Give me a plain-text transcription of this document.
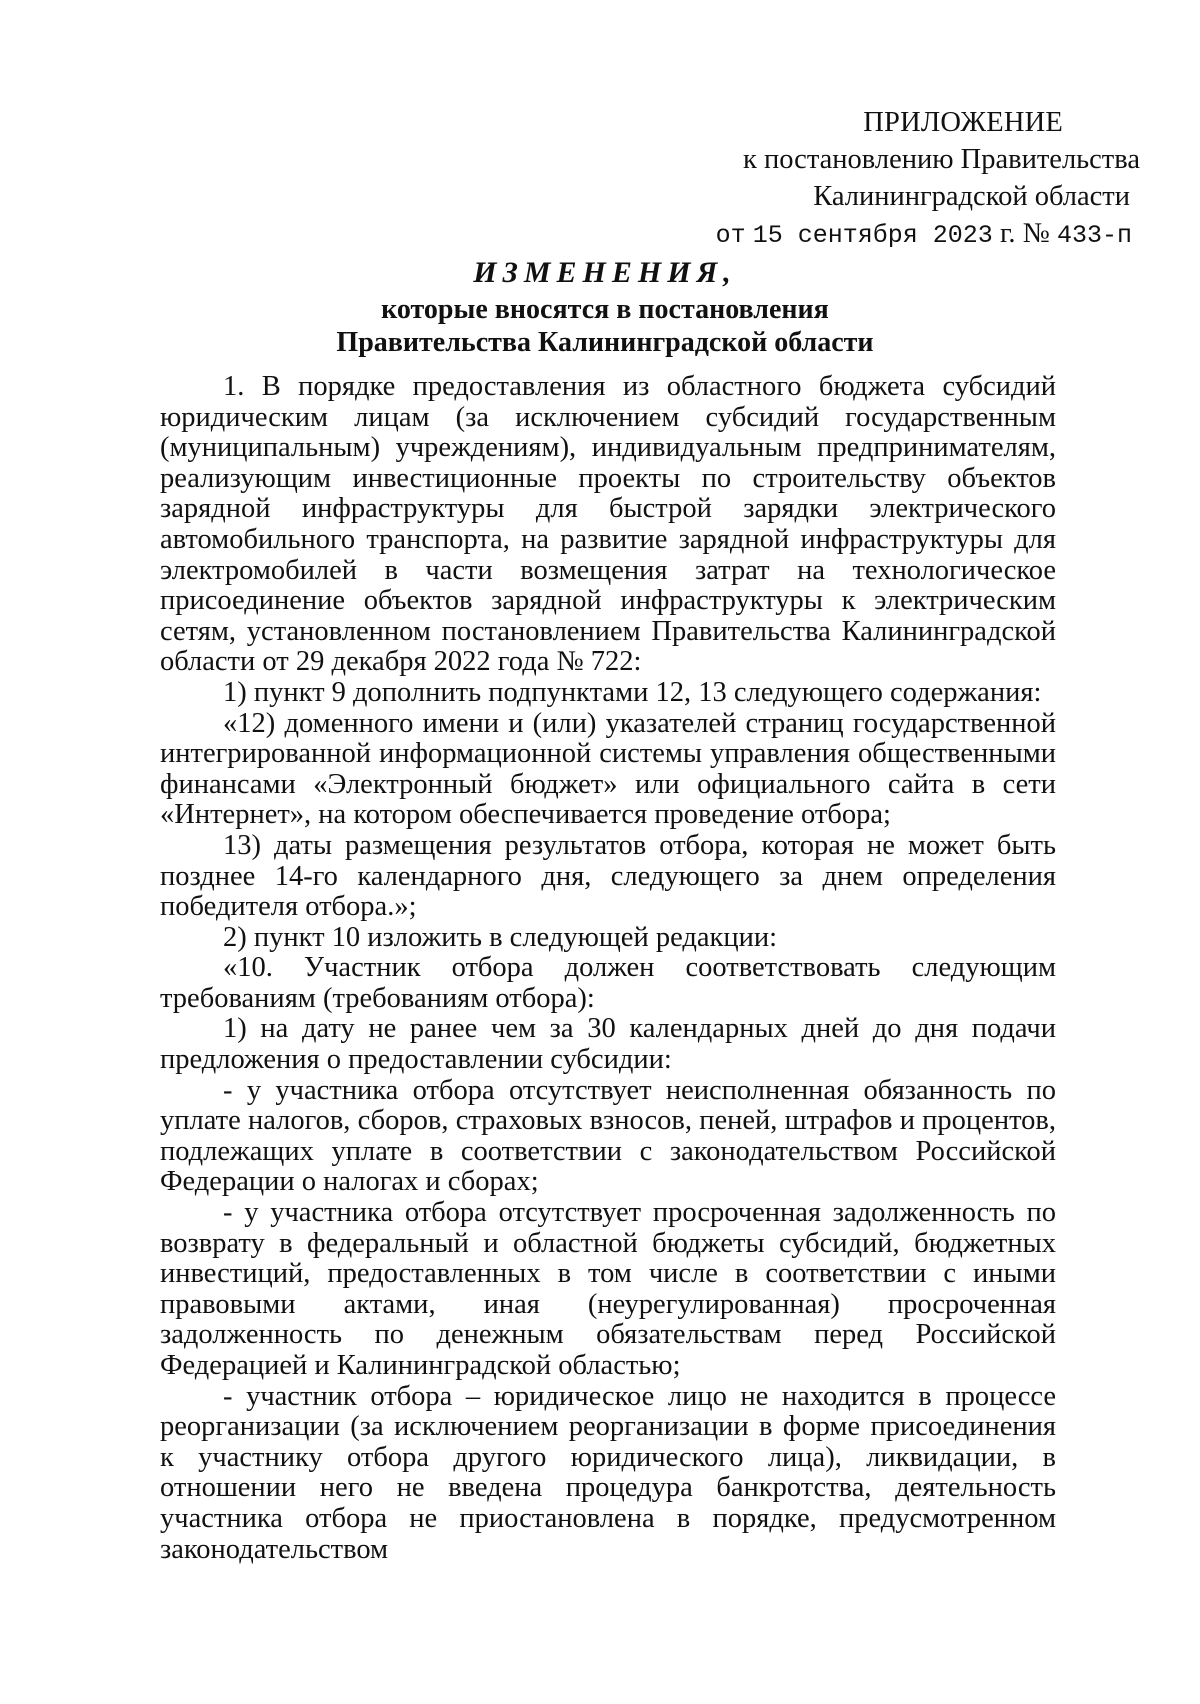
ПРИЛОЖЕНИЕ
к постановлению Правительства
Калининградской области
от 15 сентября 2023 г. № 433-п
ИЗМЕНЕНИЯ,
которые вносятся в постановления
Правительства Калининградской области

1. В порядке предоставления из областного бюджета субсидий юридическим лицам (за исключением субсидий государственным (муниципальным) учреждениям), индивидуальным предпринимателям, реализующим инвестиционные проекты по строительству объектов зарядной инфраструктуры для быстрой зарядки электрического автомобильного транспорта, на развитие зарядной инфраструктуры для электромобилей в части возмещения затрат на технологическое присоединение объектов зарядной инфраструктуры к электрическим сетям, установленном постановлением Правительства Калининградской области от 29 декабря 2022 года № 722:

1) пункт 9 дополнить подпунктами 12, 13 следующего содержания:

«12) доменного имени и (или) указателей страниц государственной интегрированной информационной системы управления общественными финансами «Электронный бюджет» или официального сайта в сети «Интернет», на котором обеспечивается проведение отбора;

13) даты размещения результатов отбора, которая не может быть позднее 14-го календарного дня, следующего за днем определения победителя отбора.»;

2) пункт 10 изложить в следующей редакции:

«10. Участник отбора должен соответствовать следующим требованиям (требованиям отбора):

1) на дату не ранее чем за 30 календарных дней до дня подачи предложения о предоставлении субсидии:

- у участника отбора отсутствует неисполненная обязанность по уплате налогов, сборов, страховых взносов, пеней, штрафов и процентов, подлежащих уплате в соответствии с законодательством Российской Федерации о налогах и сборах;

- у участника отбора отсутствует просроченная задолженность по возврату в федеральный и областной бюджеты субсидий, бюджетных инвестиций, предоставленных в том числе в соответствии с иными правовыми актами, иная (неурегулированная) просроченная задолженность по денежным обязательствам перед Российской Федерацией и Калининградской областью;

- участник отбора – юридическое лицо не находится в процессе реорганизации (за исключением реорганизации в форме присоединения к участнику отбора другого юридического лица), ликвидации, в отношении него не введена процедура банкротства, деятельность участника отбора не приостановлена в порядке, предусмотренном законодательством
